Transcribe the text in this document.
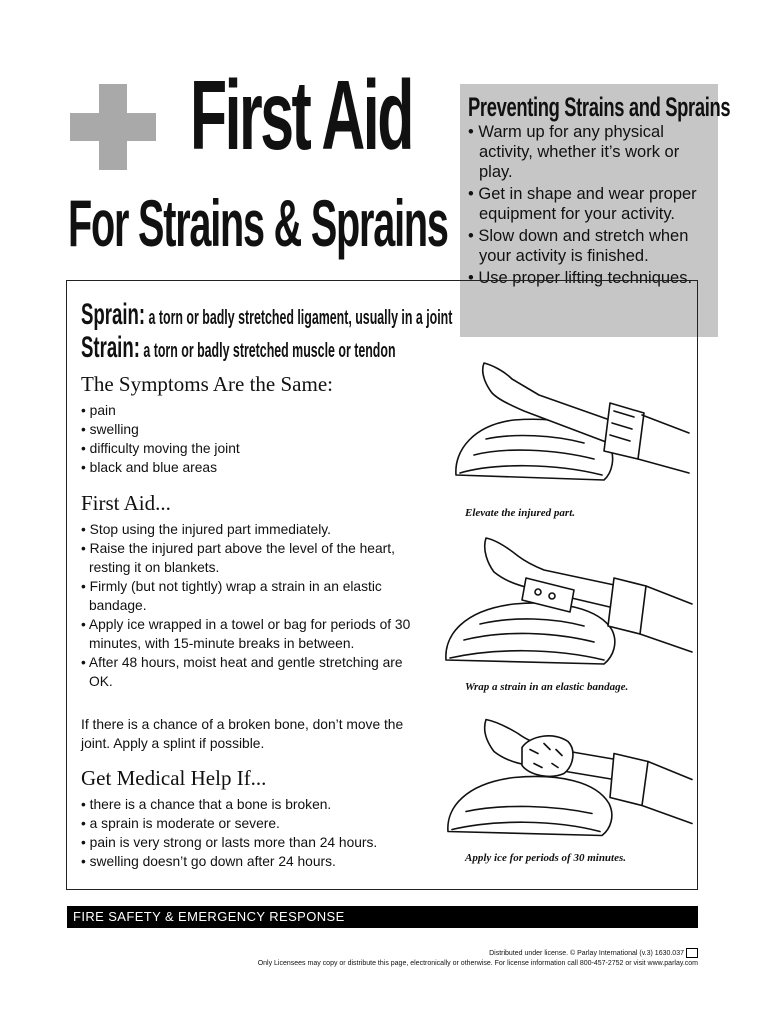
First Aid
For Strains & Sprains
Preventing Strains and Sprains
• Warm up for any physical activity, whether it’s work or play.
• Get in shape and wear proper equipment for your activity.
• Slow down and stretch when your activity is finished.
• Use proper lifting techniques.
Sprain: a torn or badly stretched ligament, usually in a joint
Strain: a torn or badly stretched muscle or tendon
The Symptoms Are the Same:
• pain
• swelling
• difficulty moving the joint
• black and blue areas
First Aid...
• Stop using the injured part immediately.
• Raise the injured part above the level of the heart, resting it on blankets.
• Firmly (but not tightly) wrap a strain in an elastic bandage.
• Apply ice wrapped in a towel or bag for periods of 30 minutes, with 15-minute breaks in between.
• After 48 hours, moist heat and gentle stretching are OK.
If there is a chance of a broken bone, don’t move the joint. Apply a splint if possible.
Get Medical Help If...
• there is a chance that a bone is broken.
• a sprain is moderate or severe.
• pain is very strong or lasts more than 24 hours.
• swelling doesn’t go down after 24 hours.
Elevate the injured part.
Wrap a strain in an elastic bandage.
Apply ice for periods of 30 minutes.
FIRE SAFETY & EMERGENCY RESPONSE
Distributed under license. © Parlay International (v.3) 1630.037
Only Licensees may copy or distribute this page, electronically or otherwise. For license information call 800-457-2752 or visit www.parlay.com
